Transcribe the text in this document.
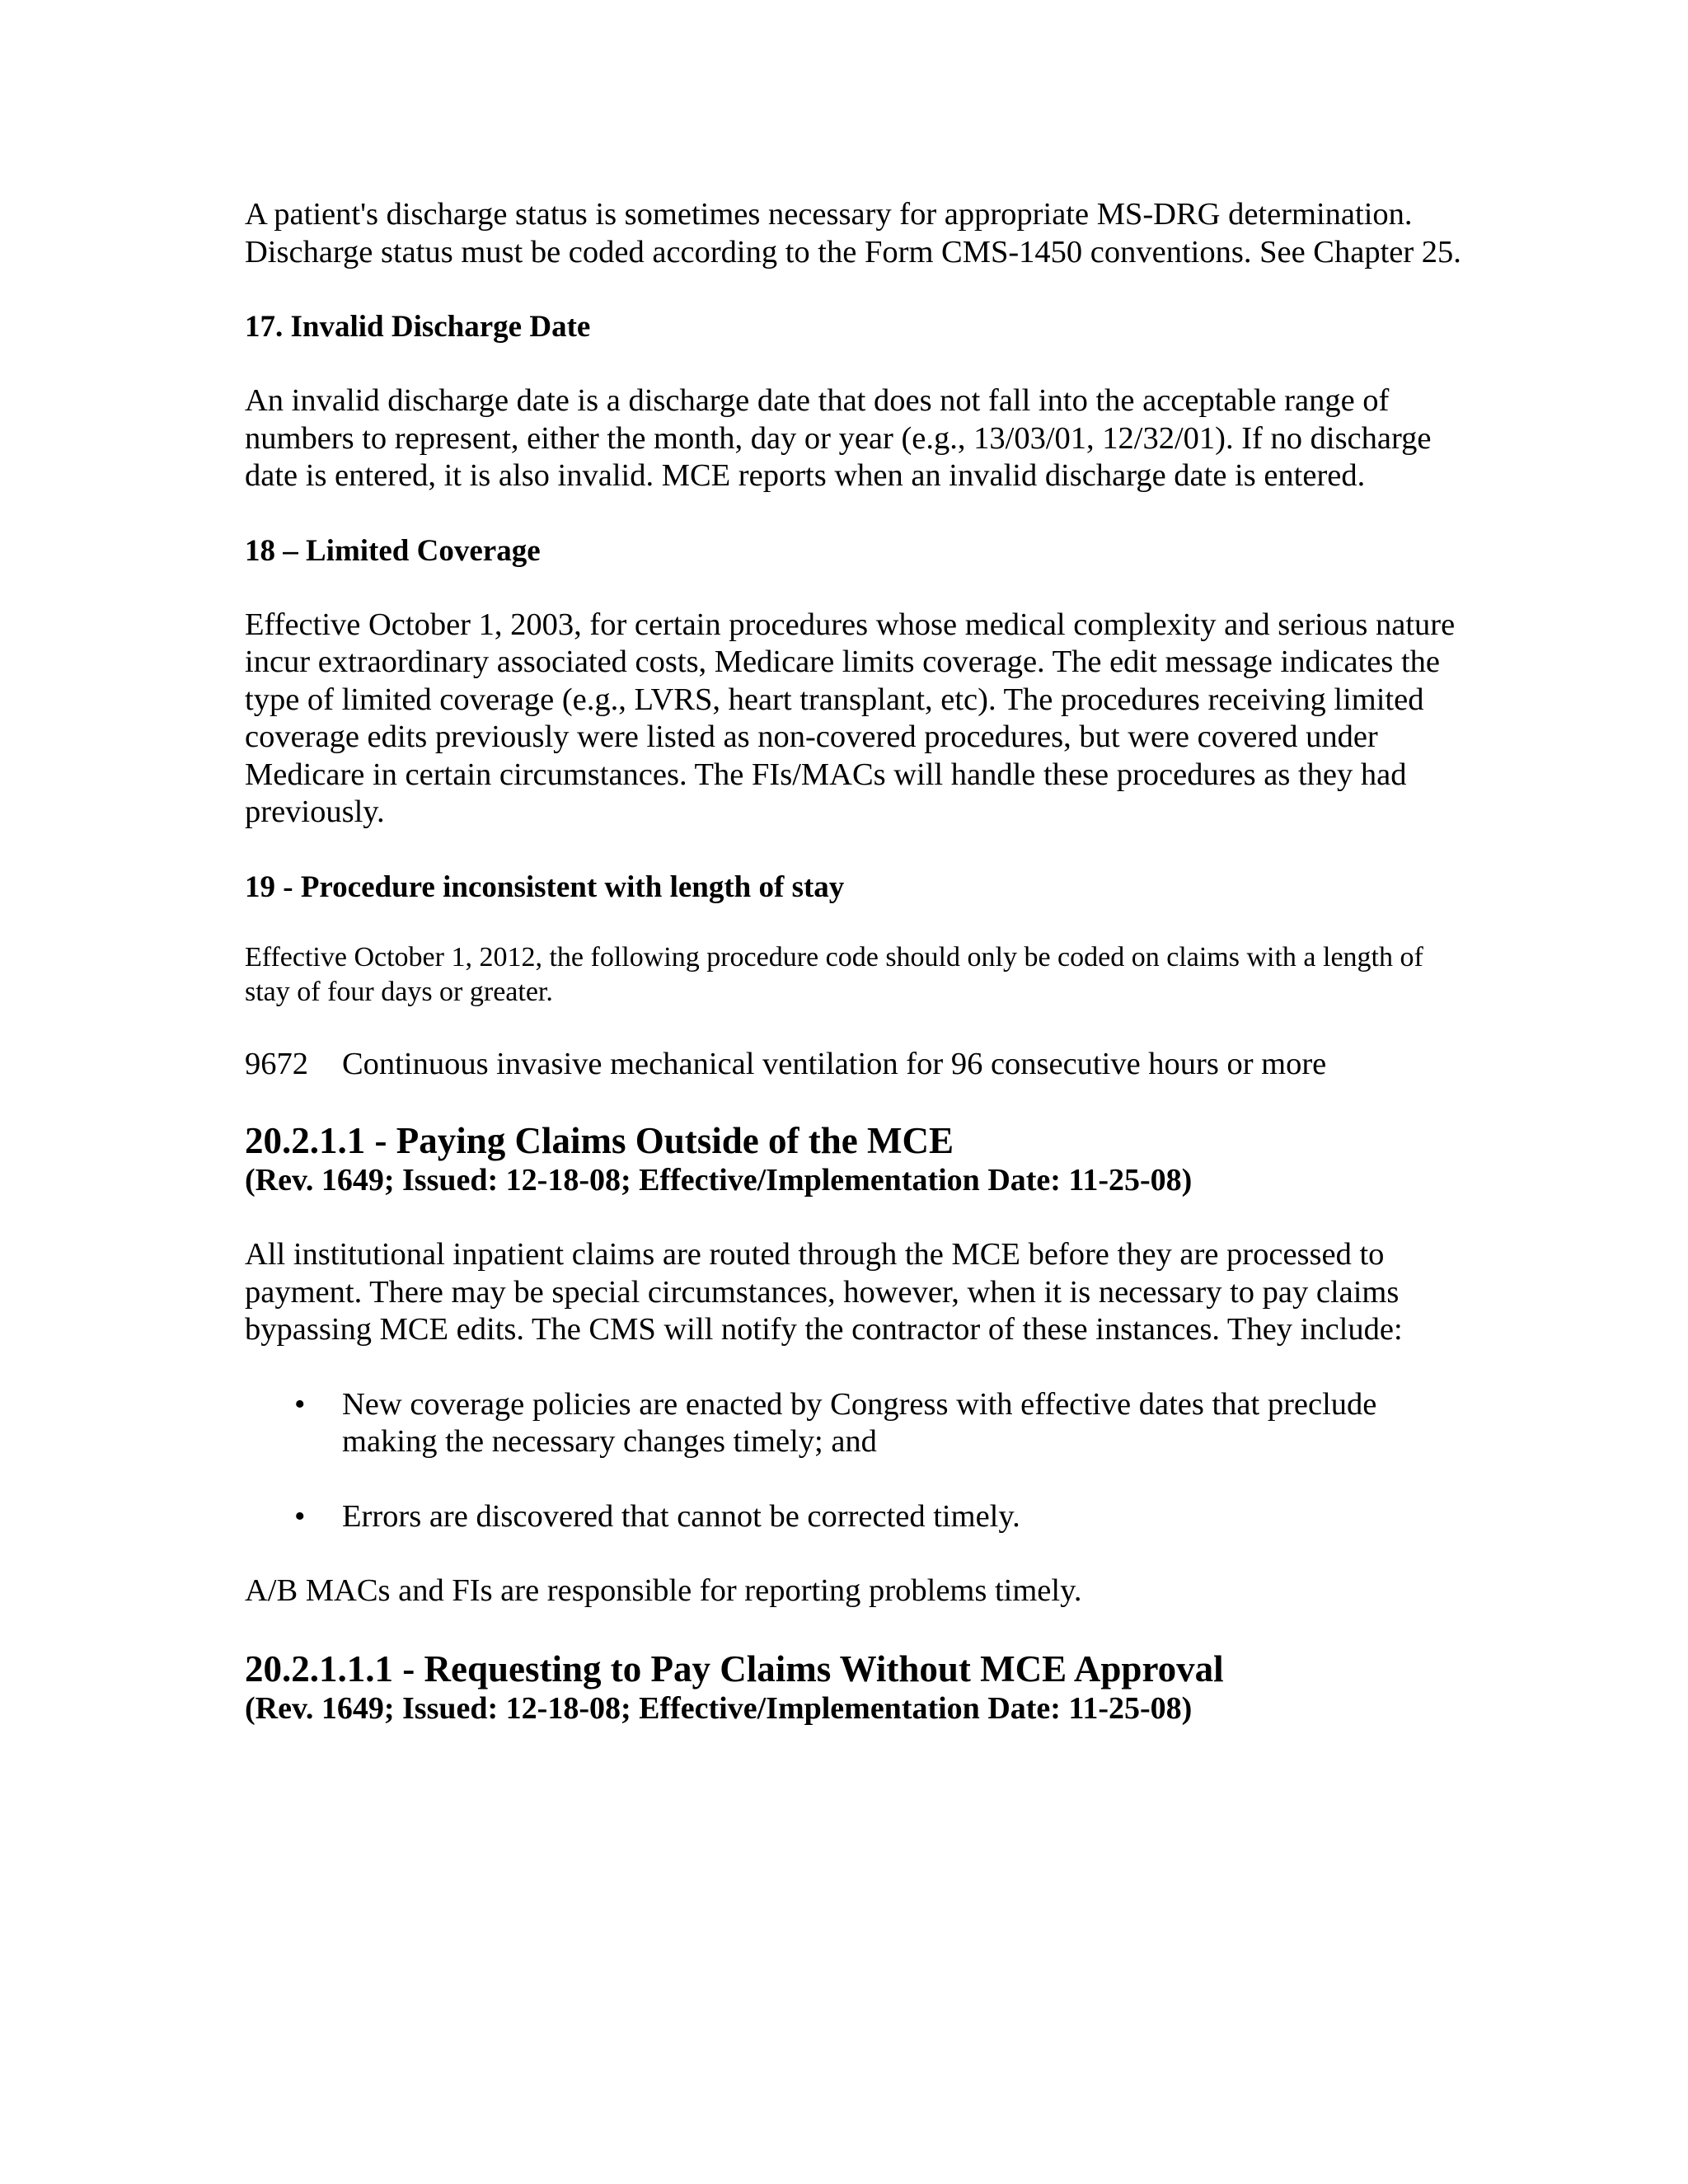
A patient's discharge status is sometimes necessary for appropriate MS-DRG determination. Discharge status must be coded according to the Form CMS-1450 conventions. See Chapter 25.

17. Invalid Discharge Date

An invalid discharge date is a discharge date that does not fall into the acceptable range of numbers to represent, either the month, day or year (e.g., 13/03/01, 12/32/01). If no discharge date is entered, it is also invalid. MCE reports when an invalid discharge date is entered.

18 – Limited Coverage

Effective October 1, 2003, for certain procedures whose medical complexity and serious nature incur extraordinary associated costs, Medicare limits coverage. The edit message indicates the type of limited coverage (e.g., LVRS, heart transplant, etc). The procedures receiving limited coverage edits previously were listed as non-covered procedures, but were covered under Medicare in certain circumstances. The FIs/MACs will handle these procedures as they had previously.

19 - Procedure inconsistent with length of stay

Effective October 1, 2012, the following procedure code should only be coded on claims with a length of stay of four days or greater.

9672	Continuous invasive mechanical ventilation for 96 consecutive hours or more

20.2.1.1 - Paying Claims Outside of the MCE

(Rev. 1649; Issued: 12-18-08; Effective/Implementation Date: 11-25-08)

All institutional inpatient claims are routed through the MCE before they are processed to payment. There may be special circumstances, however, when it is necessary to pay claims bypassing MCE edits. The CMS will notify the contractor of these instances. They include:

• New coverage policies are enacted by Congress with effective dates that preclude making the necessary changes timely; and
• Errors are discovered that cannot be corrected timely.

A/B MACs and FIs are responsible for reporting problems timely.

20.2.1.1.1 - Requesting to Pay Claims Without MCE Approval

(Rev. 1649; Issued: 12-18-08; Effective/Implementation Date: 11-25-08)
